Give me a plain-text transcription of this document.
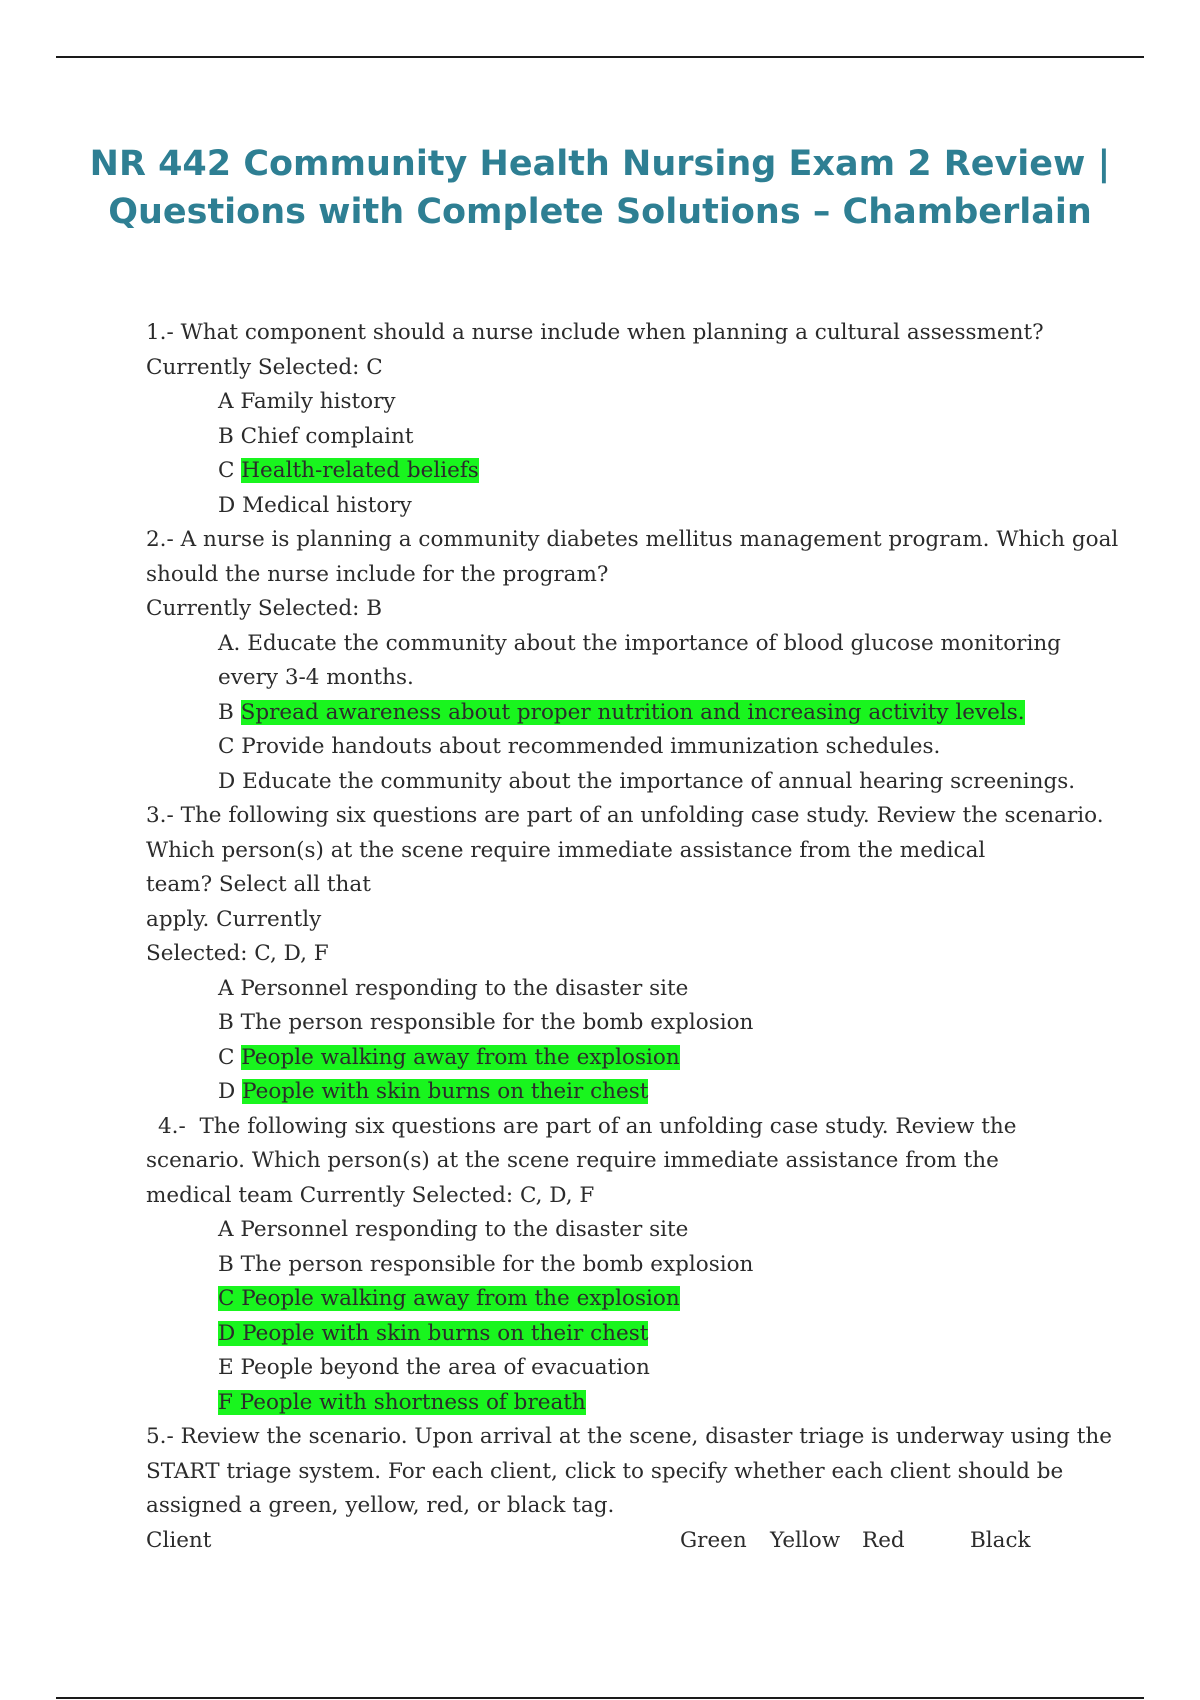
NR 442 Community Health Nursing Exam 2 Review |
Questions with Complete Solutions – Chamberlain
1.- What component should a nurse include when planning a cultural assessment?
Currently Selected: C
A Family history
B Chief complaint
C Health-related beliefs
D Medical history
2.- A nurse is planning a community diabetes mellitus management program. Which goal
should the nurse include for the program?
Currently Selected: B
A. Educate the community about the importance of blood glucose monitoring
every 3-4 months.
B Spread awareness about proper nutrition and increasing activity levels.
C Provide handouts about recommended immunization schedules.
D Educate the community about the importance of annual hearing screenings.
3.- The following six questions are part of an unfolding case study. Review the scenario.
Which person(s) at the scene require immediate assistance from the medical
team? Select all that
apply. Currently
Selected: C, D, F
A Personnel responding to the disaster site
B The person responsible for the bomb explosion
C People walking away from the explosion
D People with skin burns on their chest
4.- The following six questions are part of an unfolding case study. Review the
scenario. Which person(s) at the scene require immediate assistance from the
medical team Currently Selected: C, D, F
A Personnel responding to the disaster site
B The person responsible for the bomb explosion
C People walking away from the explosion
D People with skin burns on their chest
E People beyond the area of evacuation
F People with shortness of breath
5.- Review the scenario. Upon arrival at the scene, disaster triage is underway using the
START triage system. For each client, click to specify whether each client should be
assigned a green, yellow, red, or black tag.
Client	Green Yellow Red	Black
